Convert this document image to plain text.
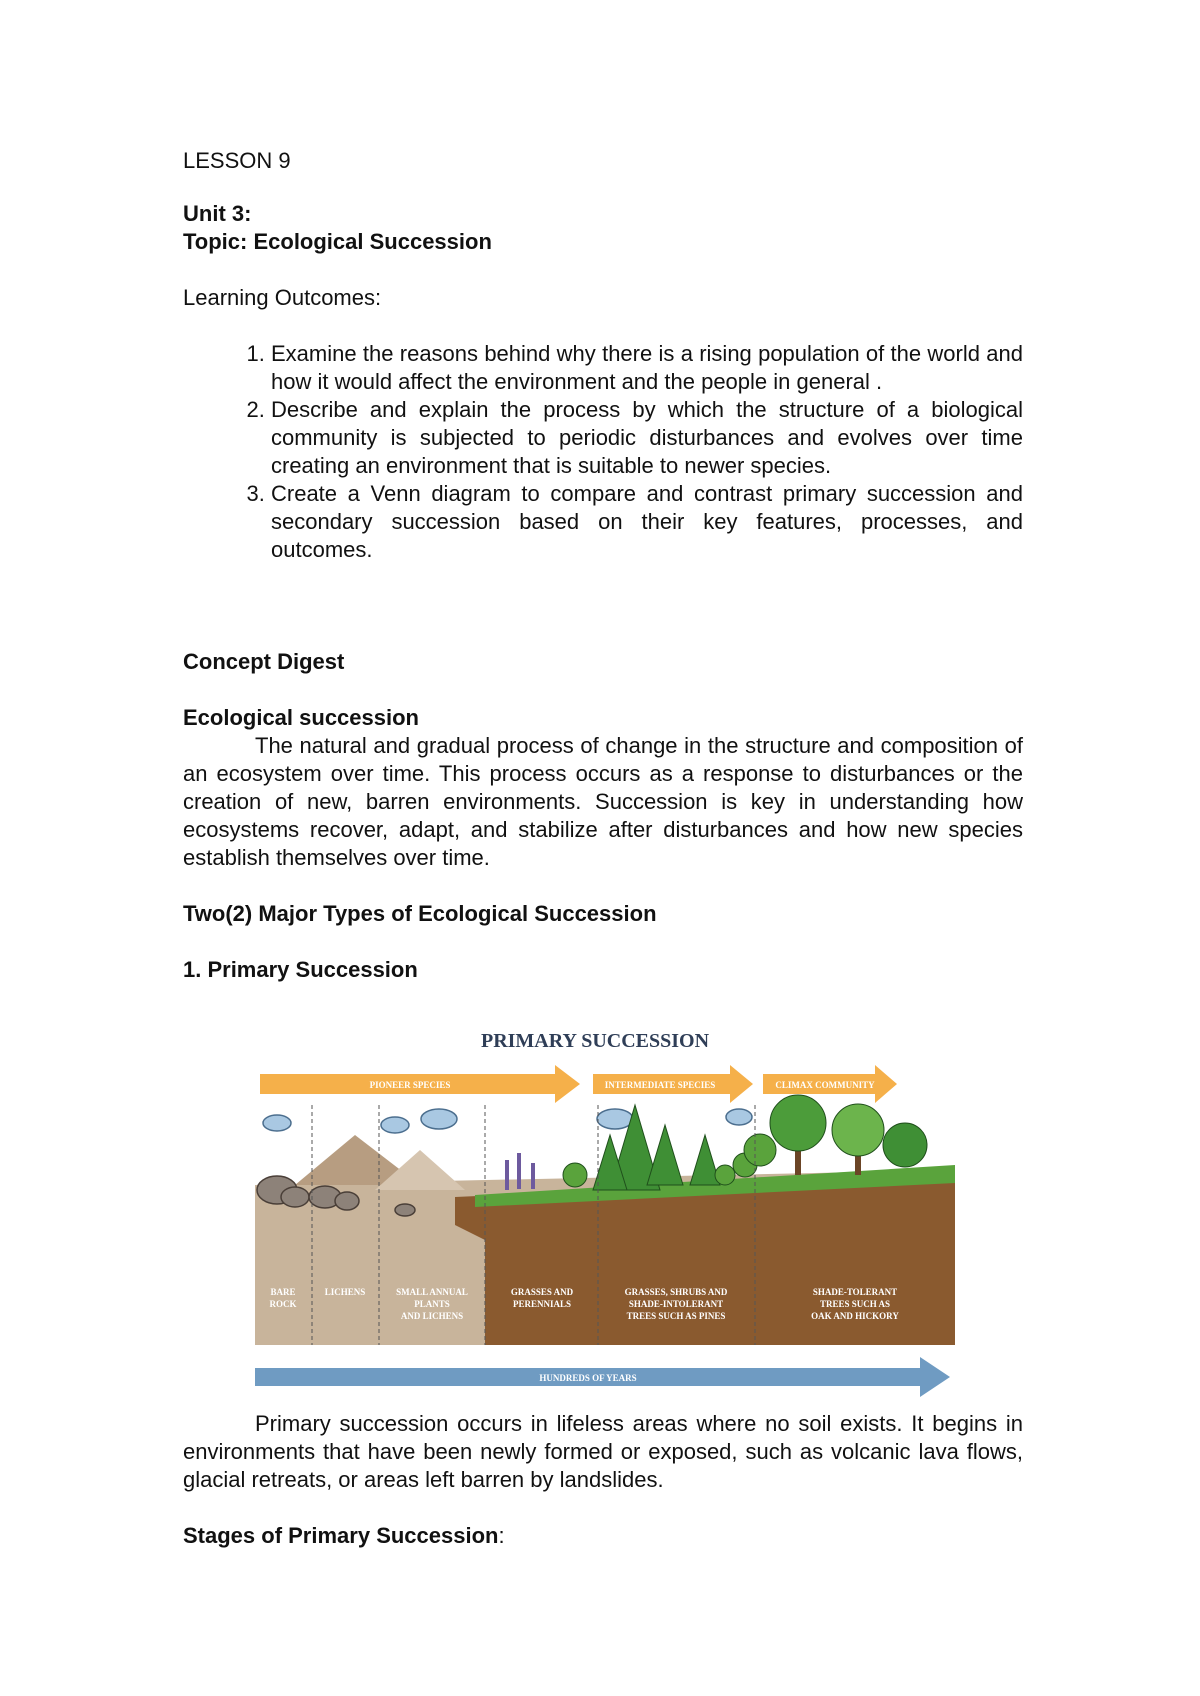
LESSON 9
Unit 3:
Topic: Ecological Succession
Learning Outcomes:
1. Examine the reasons behind why there is a rising population of the world and how it would affect the environment and the people in general .
2. Describe and explain the process by which the structure of a biological community is subjected to periodic disturbances and evolves over time creating an environment that is suitable to newer species.
3. Create a Venn diagram to compare and contrast primary succession and secondary succession based on their key features, processes, and outcomes.
Concept Digest
Ecological succession
The natural and gradual process of change in the structure and composition of an ecosystem over time. This process occurs as a response to disturbances or the creation of new, barren environments. Succession is key in understanding how ecosystems recover, adapt, and stabilize after disturbances and how new species establish themselves over time.
Two(2) Major Types of Ecological Succession
1. Primary Succession
PRIMARY SUCCESSION
PIONEER SPECIES	INTERMEDIATE SPECIES	CLIMAX COMMUNITY
BARE ROCK
LICHENS	SMALL ANNUAL PLANTS AND LICHENS
GRASSES AND PERENNIALS
GRASSES, SHRUBS AND SHADE-INTOLERANT TREES SUCH AS PINES
SHADE-TOLERANT TREES SUCH AS OAK AND HICKORY
HUNDREDS OF YEARS
Primary succession occurs in lifeless areas where no soil exists. It begins in environments that have been newly formed or exposed, such as volcanic lava flows, glacial retreats, or areas left barren by landslides.
Stages of Primary Succession:
